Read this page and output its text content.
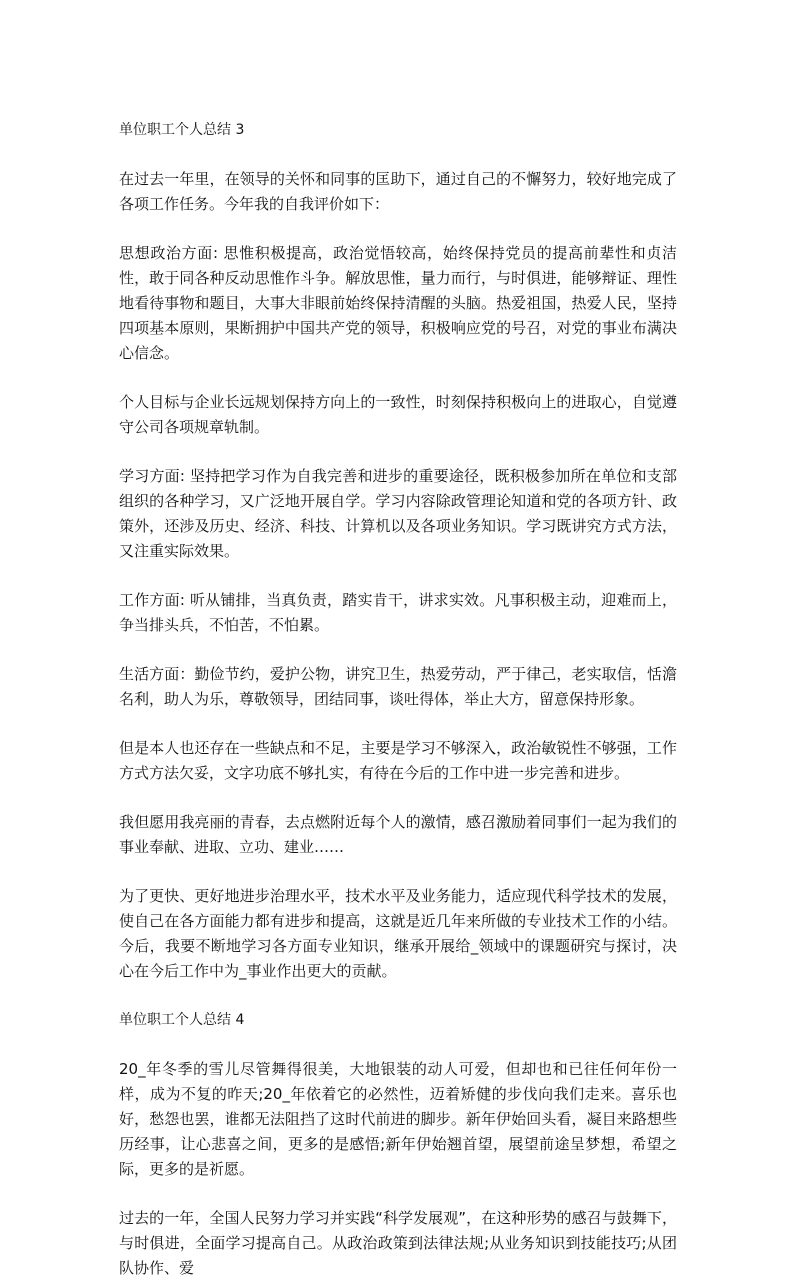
单位职工个人总结 3

在过去一年里，在领导的关怀和同事的匡助下，通过自己的不懈努力，较好地完成了各项工作任务。今年我的自我评价如下：

思想政治方面: 思惟积极提高，政治觉悟较高，始终保持党员的提高前辈性和贞洁性，敢于同各种反动思惟作斗争。解放思惟，量力而行，与时俱进，能够辩证、理性地看待事物和题目，大事大非眼前始终保持清醒的头脑。热爱祖国，热爱人民，坚持四项基本原则，果断拥护中国共产党的领导，积极响应党的号召，对党的事业布满决心信念。

个人目标与企业长远规划保持方向上的一致性，时刻保持积极向上的进取心，自觉遵守公司各项规章轨制。

学习方面: 坚持把学习作为自我完善和进步的重要途径，既积极参加所在单位和支部组织的各种学习，又广泛地开展自学。学习内容除政管理论知道和党的各项方针、政策外，还涉及历史、经济、科技、计算机以及各项业务知识。学习既讲究方式方法，又注重实际效果。

工作方面: 听从铺排，当真负责，踏实肯干，讲求实效。凡事积极主动，迎难而上，争当排头兵，不怕苦，不怕累。

生活方面：勤俭节约，爱护公物，讲究卫生，热爱劳动，严于律己，老实取信，恬澹名利，助人为乐，尊敬领导，团结同事，谈吐得体，举止大方，留意保持形象。

但是本人也还存在一些缺点和不足，主要是学习不够深入，政治敏锐性不够强，工作方式方法欠妥，文字功底不够扎实，有待在今后的工作中进一步完善和进步。

我但愿用我亮丽的青春，去点燃附近每个人的激情，感召激励着同事们一起为我们的事业奉献、进取、立功、建业……

为了更快、更好地进步治理水平，技术水平及业务能力，适应现代科学技术的发展，使自己在各方面能力都有进步和提高，这就是近几年来所做的专业技术工作的小结。今后，我要不断地学习各方面专业知识，继承开展给_领域中的课题研究与探讨，决心在今后工作中为_事业作出更大的贡献。

单位职工个人总结 4

20_年冬季的雪儿尽管舞得很美，大地银装的动人可爱，但却也和已往任何年份一样，成为不复的昨天;20_年依着它的必然性，迈着矫健的步伐向我们走来。喜乐也好，愁怨也罢，谁都无法阻挡了这时代前进的脚步。新年伊始回头看，凝目来路想些历经事，让心悲喜之间，更多的是感悟;新年伊始翘首望，展望前途呈梦想，希望之际，更多的是祈愿。

过去的一年，全国人民努力学习并实践“科学发展观”，在这种形势的感召与鼓舞下，与时俱进，全面学习提高自己。从政治政策到法律法规;从业务知识到技能技巧;从团队协作、爱
